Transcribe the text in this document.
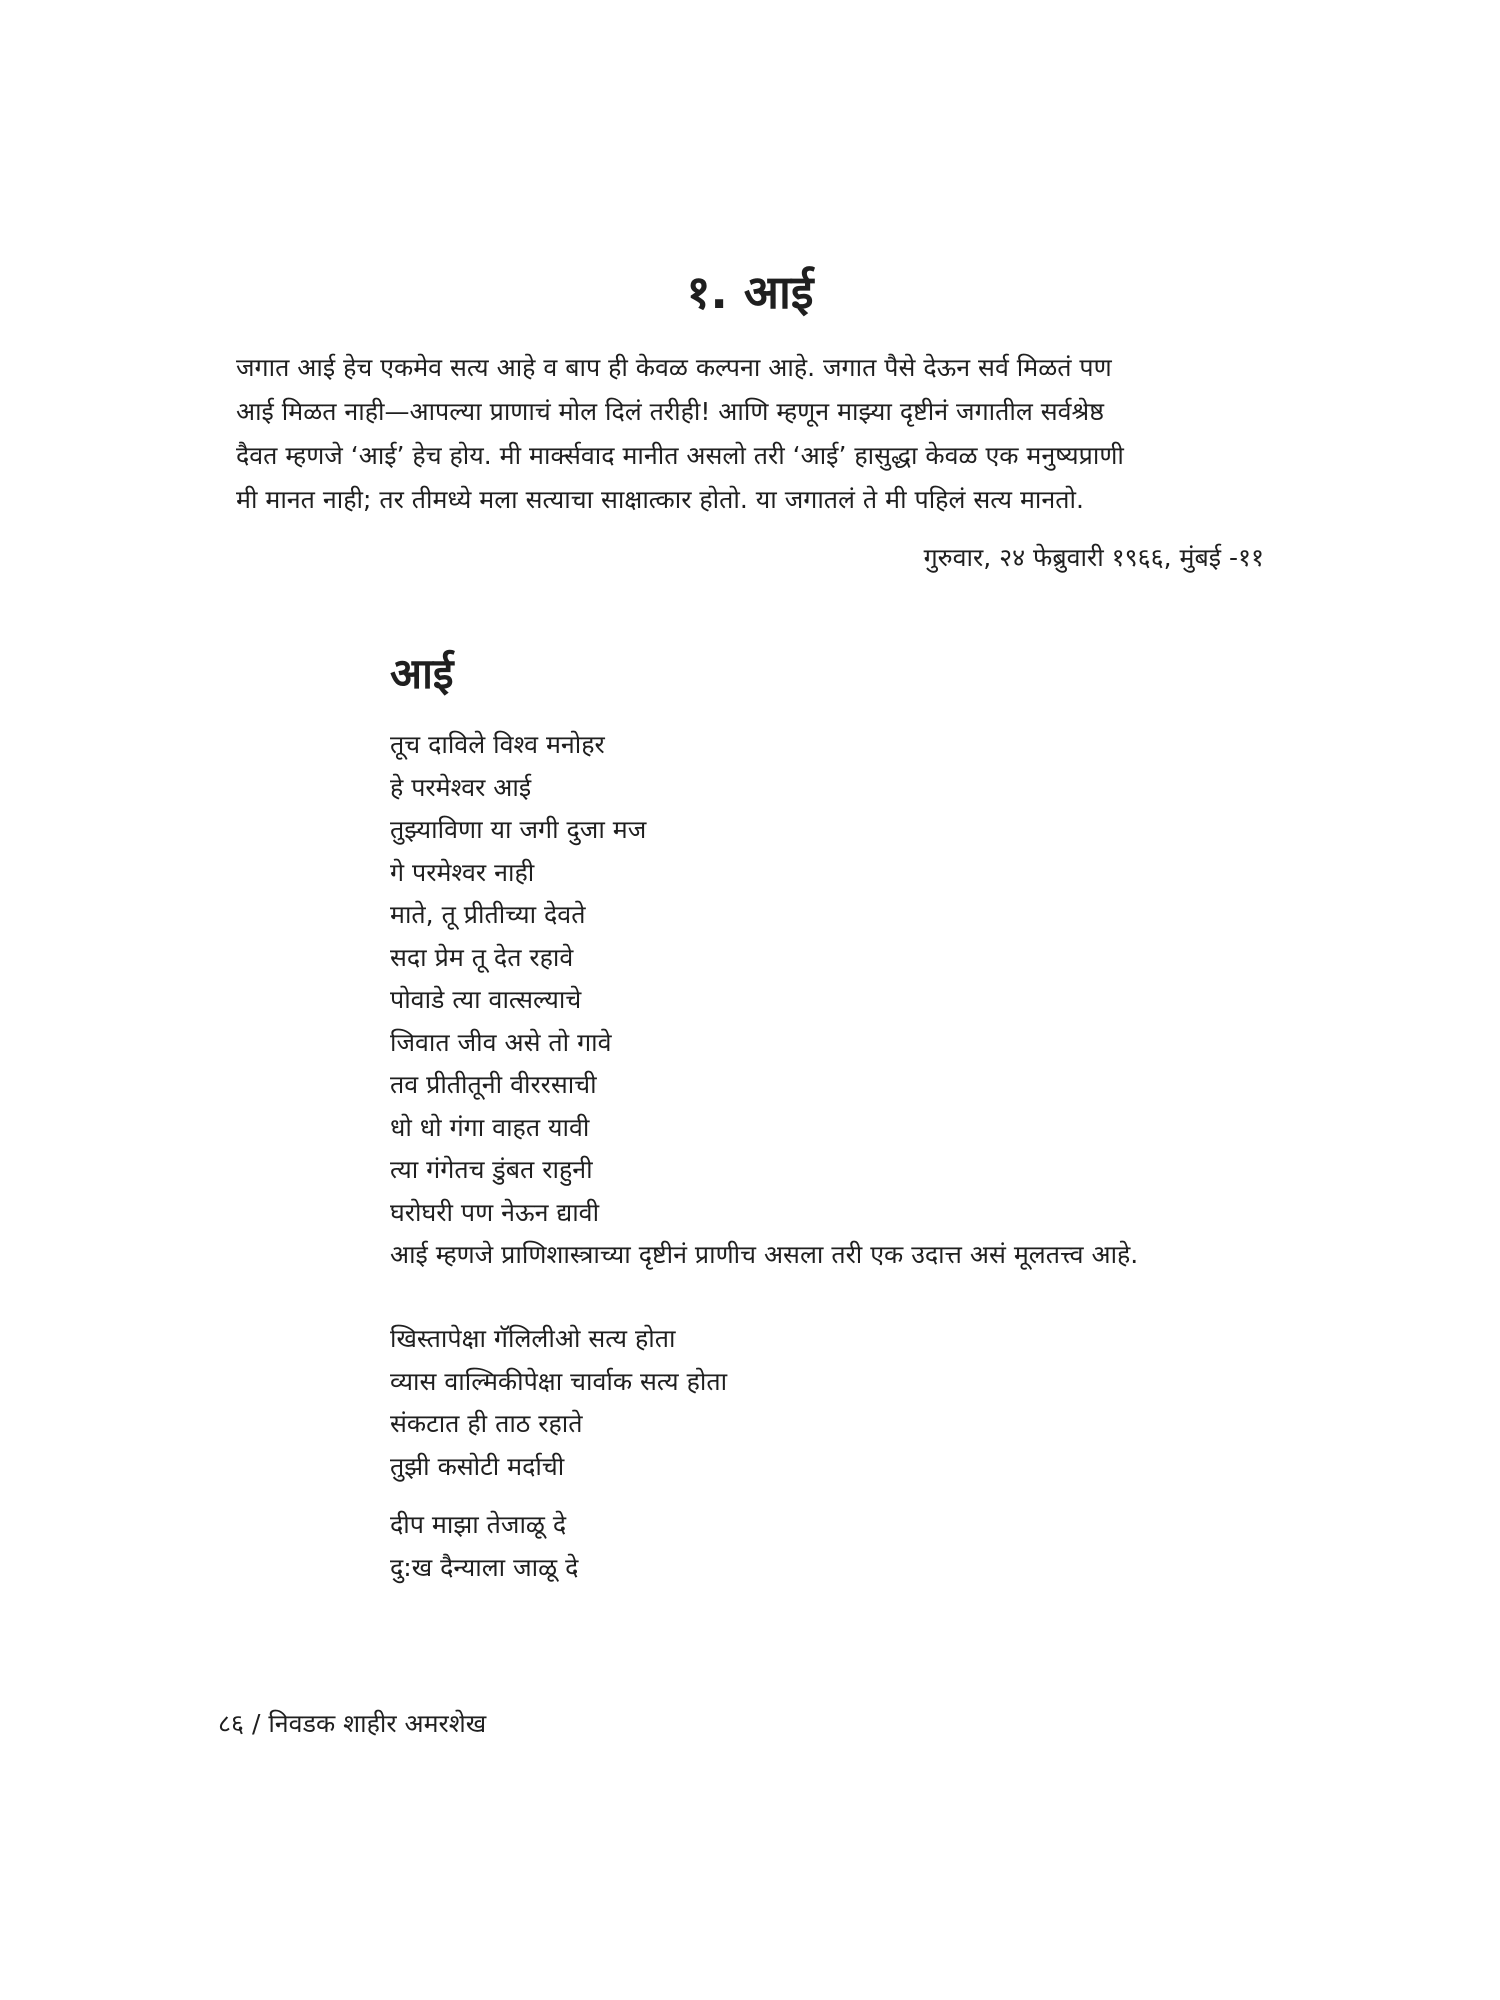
१. आई

जगात आई हेच एकमेव सत्य आहे व बाप ही केवळ कल्पना आहे. जगात पैसे देऊन सर्व मिळतं पण
आई मिळत नाही—आपल्या प्राणाचं मोल दिलं तरीही! आणि म्हणून माझ्या दृष्टीनं जगातील सर्वश्रेष्ठ
दैवत म्हणजे ‘आई’ हेच होय. मी मार्क्सवाद मानीत असलो तरी ‘आई’ हासुद्धा केवळ एक मनुष्यप्राणी
मी मानत नाही; तर तीमध्ये मला सत्याचा साक्षात्कार होतो. या जगातलं ते मी पहिलं सत्य मानतो.

गुरुवार, २४ फेब्रुवारी १९६६, मुंबई -११

आई
तूच दाविले विश्व मनोहर
हे परमेश्वर आई
तुझ्याविणा या जगी दुजा मज
गे परमेश्वर नाही
माते, तू प्रीतीच्या देवते
सदा प्रेम तू देत रहावे
पोवाडे त्या वात्सल्याचे
जिवात जीव असे तो गावे
तव प्रीतीतूनी वीररसाची
धो धो गंगा वाहत यावी
त्या गंगेतच डुंबत राहुनी
घरोघरी पण नेऊन द्यावी
आई म्हणजे प्राणिशास्त्राच्या दृष्टीनं प्राणीच असला तरी एक उदात्त असं मूलतत्त्व आहे.
खिस्तापेक्षा गॅलिलीओ सत्य होता
व्यास वाल्मिकीपेक्षा चार्वाक सत्य होता
संकटात ही ताठ रहाते
तुझी कसोटी मर्दाची
दीप माझा तेजाळू दे
दु:ख दैन्याला जाळू दे

८६ / निवडक शाहीर अमरशेख
